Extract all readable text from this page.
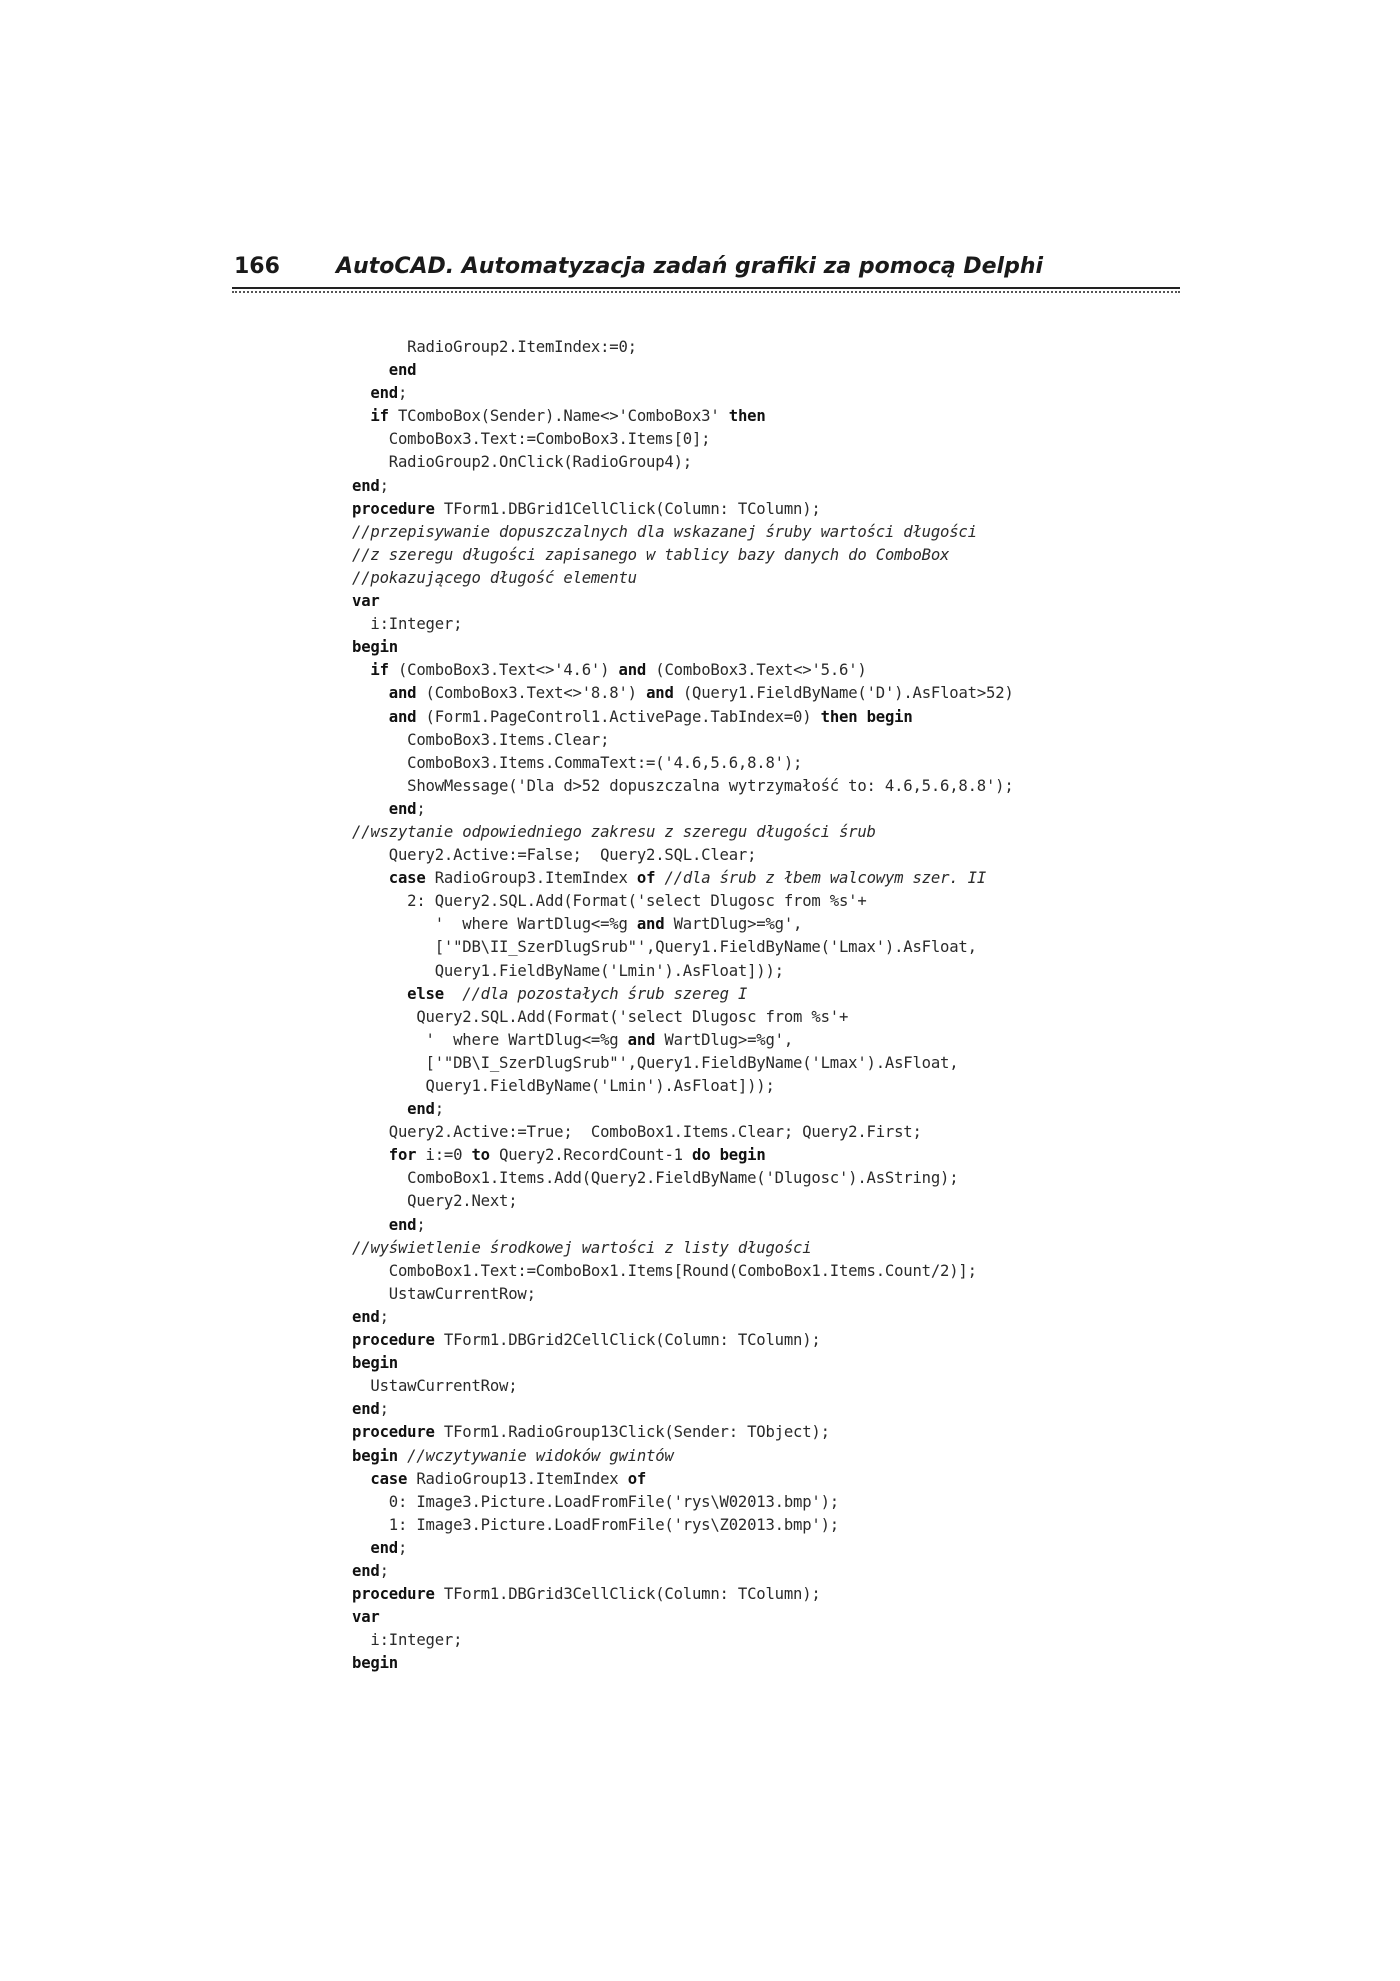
166	AutoCAD. Automatyzacja zadań grafiki za pomocą Delphi
RadioGroup2.ItemIndex:=0;
end
end;
if TComboBox(Sender).Name<>'ComboBox3' then
ComboBox3.Text:=ComboBox3.Items[0];
RadioGroup2.OnClick(RadioGroup4);
end;
procedure TForm1.DBGrid1CellClick(Column: TColumn);
//przepisywanie dopuszczalnych dla wskazanej śruby wartości długości
//z szeregu długości zapisanego w tablicy bazy danych do ComboBox
//pokazującego długość elementu
var
i:Integer;
begin
if (ComboBox3.Text<>'4.6') and (ComboBox3.Text<>'5.6')
and (ComboBox3.Text<>'8.8') and (Query1.FieldByName('D').AsFloat>52)
and (Form1.PageControl1.ActivePage.TabIndex=0) then begin
ComboBox3.Items.Clear;
ComboBox3.Items.CommaText:=('4.6,5.6,8.8');
ShowMessage('Dla d>52 dopuszczalna wytrzymałość to: 4.6,5.6,8.8');
end;
//wszytanie odpowiedniego zakresu z szeregu długości śrub
Query2.Active:=False;  Query2.SQL.Clear;
case RadioGroup3.ItemIndex of //dla śrub z łbem walcowym szer. II
2: Query2.SQL.Add(Format('select Dlugosc from %s'+
'  where WartDlug<=%g and WartDlug>=%g',
['"DB\II_SzerDlugSrub"',Query1.FieldByName('Lmax').AsFloat,
Query1.FieldByName('Lmin').AsFloat]));
else //dla pozostałych śrub szereg I
Query2.SQL.Add(Format('select Dlugosc from %s'+
'  where WartDlug<=%g and WartDlug>=%g',
['"DB\I_SzerDlugSrub"',Query1.FieldByName('Lmax').AsFloat,
Query1.FieldByName('Lmin').AsFloat]));
end;
Query2.Active:=True;  ComboBox1.Items.Clear; Query2.First;
for i:=0 to Query2.RecordCount-1 do begin
ComboBox1.Items.Add(Query2.FieldByName('Dlugosc').AsString);
Query2.Next;
end;
//wyświetlenie środkowej wartości z listy długości
ComboBox1.Text:=ComboBox1.Items[Round(ComboBox1.Items.Count/2)];
UstawCurrentRow;
end;
procedure TForm1.DBGrid2CellClick(Column: TColumn);
begin
UstawCurrentRow;
end;
procedure TForm1.RadioGroup13Click(Sender: TObject);
begin //wczytywanie widoków gwintów
case RadioGroup13.ItemIndex of
0: Image3.Picture.LoadFromFile('rys\W02013.bmp');
1: Image3.Picture.LoadFromFile('rys\Z02013.bmp');
end;
end;
procedure TForm1.DBGrid3CellClick(Column: TColumn);
var
i:Integer;
begin
